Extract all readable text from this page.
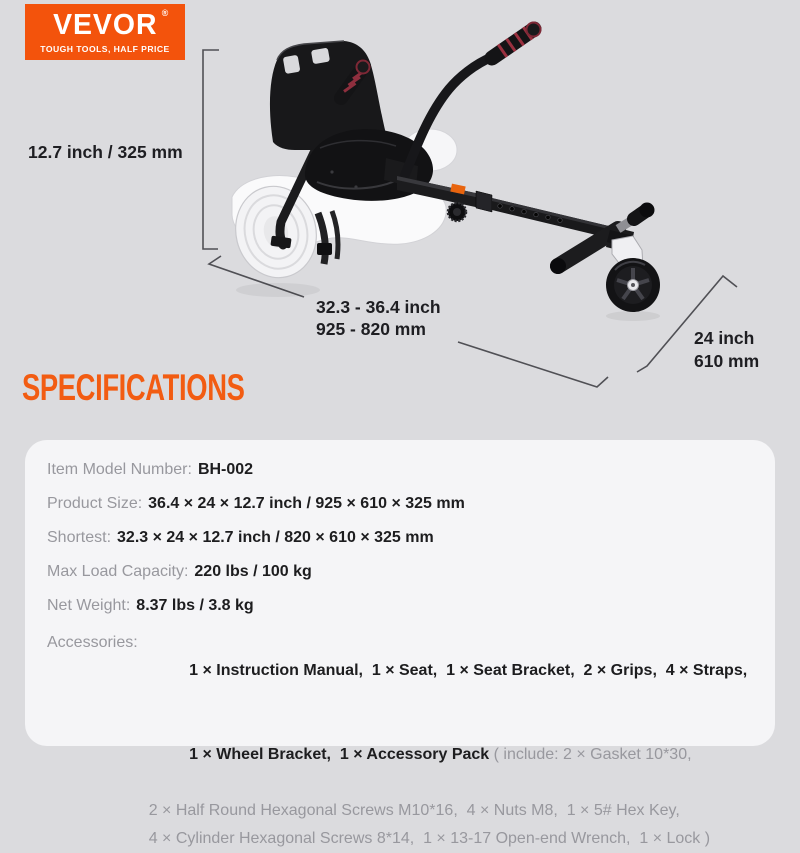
VEVOR ®
TOUGH TOOLS, HALF PRICE
12.7 inch / 325 mm
32.3 - 36.4 inch
925 - 820 mm	24 inch
610 mm
SPECIFICATIONS
Item Model Number: BH-002
Product Size: 36.4 × 24 × 12.7 inch / 925 × 610 × 325 mm
Shortest: 32.3 × 24 × 12.7 inch / 820 × 610 × 325 mm
Max Load Capacity: 220 lbs / 100 kg
Net Weight: 8.37 lbs / 3.8 kg
Accessories:

1 × Instruction Manual,  1 × Seat,  1 × Seat Bracket,  2 × Grips,  4 × Straps,

1 × Wheel Bracket,  1 × Accessory Pack ( include: 2 × Gasket 10*30,

2 × Half Round Hexagonal Screws M10*16,  4 × Nuts M8,  1 × 5# Hex Key,
4 × Cylinder Hexagonal Screws 8*14,  1 × 13-17 Open-end Wrench,  1 × Lock )
